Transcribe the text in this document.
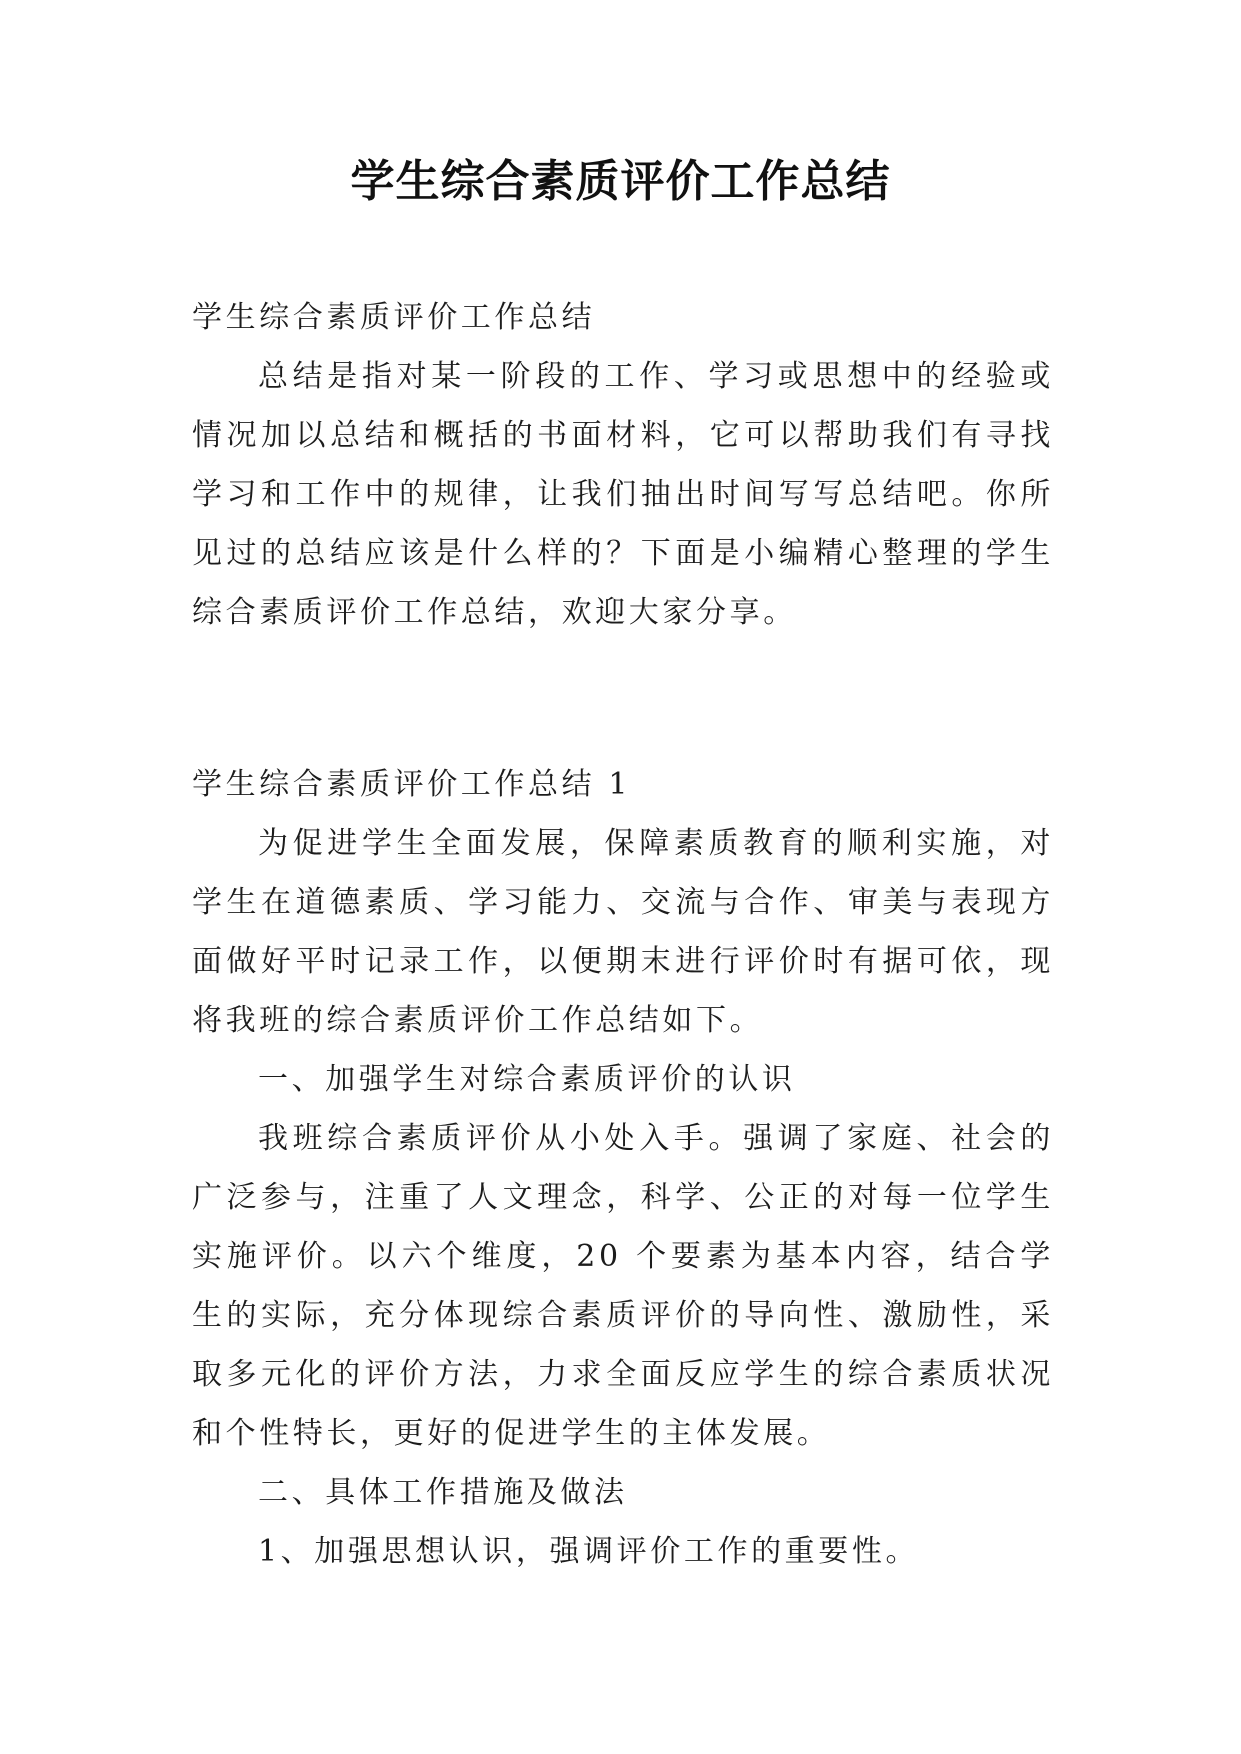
学生综合素质评价工作总结

学生综合素质评价工作总结

总结是指对某一阶段的工作、学习或思想中的经验或情况加以总结和概括的书面材料，它可以帮助我们有寻找学习和工作中的规律，让我们抽出时间写写总结吧。你所见过的总结应该是什么样的？下面是小编精心整理的学生综合素质评价工作总结，欢迎大家分享。

学生综合素质评价工作总结 1

为促进学生全面发展，保障素质教育的顺利实施，对学生在道德素质、学习能力、交流与合作、审美与表现方面做好平时记录工作，以便期末进行评价时有据可依，现将我班的综合素质评价工作总结如下。

一、加强学生对综合素质评价的认识

我班综合素质评价从小处入手。强调了家庭、社会的广泛参与，注重了人文理念，科学、公正的对每一位学生实施评价。以六个维度，20 个要素为基本内容，结合学生的实际，充分体现综合素质评价的导向性、激励性，采取多元化的评价方法，力求全面反应学生的综合素质状况和个性特长，更好的促进学生的主体发展。

二、具体工作措施及做法

1、加强思想认识，强调评价工作的重要性。
